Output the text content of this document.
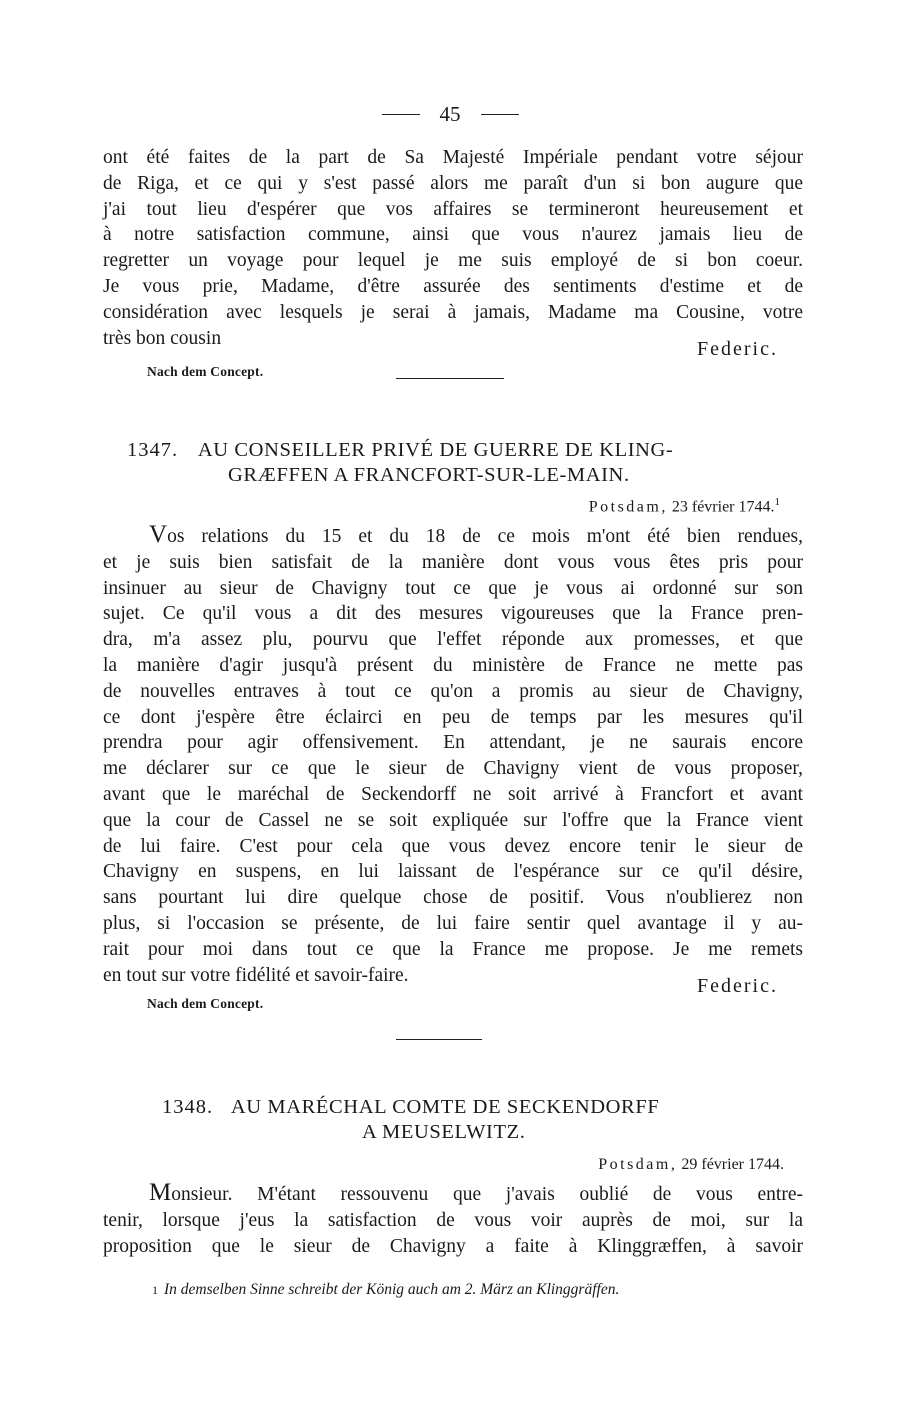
45
ont été faites de la part de Sa Majesté Impériale pendant votre séjour
de Riga, et ce qui y s'est passé alors me paraît d'un si bon augure que
j'ai tout lieu d'espérer que vos affaires se termineront heureusement et
à notre satisfaction commune, ainsi que vous n'aurez jamais lieu de
regretter un voyage pour lequel je me suis employé de si bon coeur.
Je vous prie, Madame, d'être assurée des sentiments d'estime et de
considération avec lesquels je serai à jamais, Madame ma Cousine, votre
très bon cousin	Federic.
Nach dem Concept.
1347. AU CONSEILLER PRIVÉ DE GUERRE DE KLING-
GRÆFFEN A FRANCFORT-SUR-LE-MAIN.
Potsdam, 23 février 1744.$^1$
Vos relations du 15 et du 18 de ce mois m'ont été bien rendues,
et je suis bien satisfait de la manière dont vous vous êtes pris pour
insinuer au sieur de Chavigny tout ce que je vous ai ordonné sur son
sujet. Ce qu'il vous a dit des mesures vigoureuses que la France pren-
dra, m'a assez plu, pourvu que l'effet réponde aux promesses, et que
la manière d'agir jusqu'à présent du ministère de France ne mette pas
de nouvelles entraves à tout ce qu'on a promis au sieur de Chavigny,
ce dont j'espère être éclairci en peu de temps par les mesures qu'il
prendra pour agir offensivement. En attendant, je ne saurais encore
me déclarer sur ce que le sieur de Chavigny vient de vous proposer,
avant que le maréchal de Seckendorff ne soit arrivé à Francfort et avant
que la cour de Cassel ne se soit expliquée sur l'offre que la France vient
de lui faire. C'est pour cela que vous devez encore tenir le sieur de
Chavigny en suspens, en lui laissant de l'espérance sur ce qu'il désire,
sans pourtant lui dire quelque chose de positif. Vous n'oublierez non
plus, si l'occasion se présente, de lui faire sentir quel avantage il y au-
rait pour moi dans tout ce que la France me propose. Je me remets
en tout sur votre fidélité et savoir-faire.	Federic.
Nach dem Concept.
1348. AU MARÉCHAL COMTE DE SECKENDORFF
A MEUSELWITZ.
Potsdam, 29 février 1744.
Monsieur. M'étant ressouvenu que j'avais oublié de vous entre-
tenir, lorsque j'eus la satisfaction de vous voir auprès de moi, sur la
proposition que le sieur de Chavigny a faite à Klinggræffen, à savoir
1 In demselben Sinne schreibt der König auch am 2. März an Klinggräffen.
